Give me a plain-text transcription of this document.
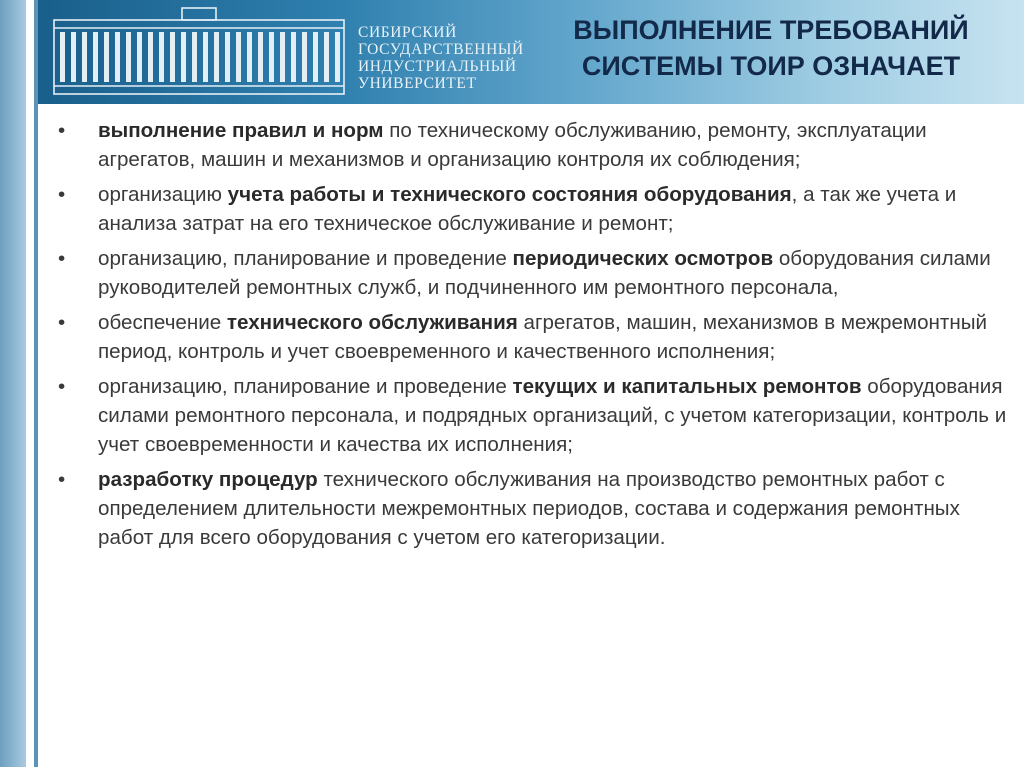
СИБИРСКИЙ
ГОСУДАРСТВЕННЫЙ
ИНДУСТРИАЛЬНЫЙ
УНИВЕРСИТЕТ
ВЫПОЛНЕНИЕ ТРЕБОВАНИЙ
СИСТЕМЫ ТОИР ОЗНАЧАЕТ
•	выполнение правил и норм по техническому обслуживанию, ремонту, эксплуатации агрегатов, машин и механизмов и организацию контроля их соблюдения;
•	организацию учета работы и технического состояния оборудования, а так же учета и анализа затрат на его техническое обслуживание и ремонт;
•	организацию, планирование и проведение периодических осмотров оборудования силами руководителей ремонтных служб, и подчиненного им ремонтного персонала,
•	обеспечение технического обслуживания агрегатов, машин, механизмов в межремонтный период, контроль и учет своевременного и качественного исполнения;
•	организацию, планирование и проведение текущих и капитальных ремонтов оборудования силами ремонтного персонала, и подрядных организаций, с учетом категоризации, контроль и учет своевременности и качества их исполнения;
•	разработку процедур технического обслуживания на производство ремонтных работ с определением длительности межремонтных периодов, состава и содержания ремонтных работ для всего оборудования с учетом его категоризации.
